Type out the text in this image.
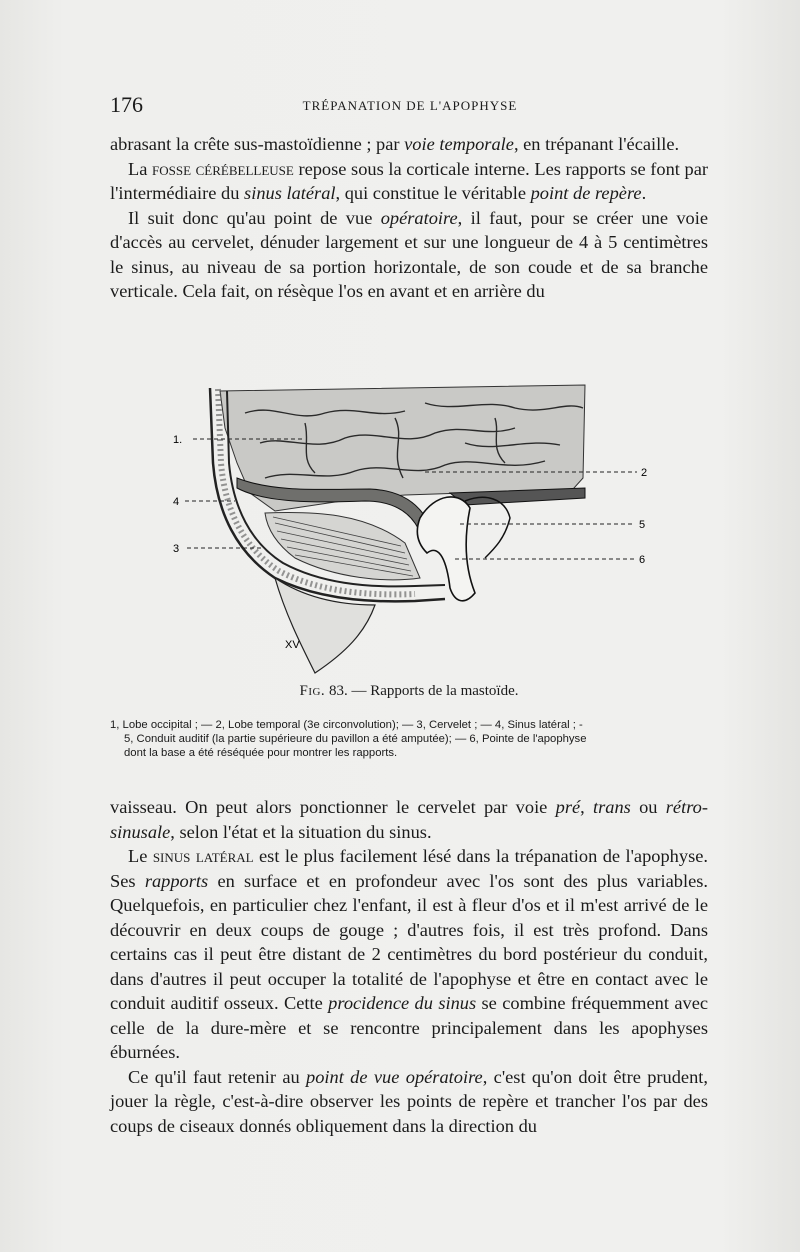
176	TRÉPANATION DE L'APOPHYSE

abrasant la crête sus-mastoïdienne ; par voie temporale, en trépanant l'écaille.

La fosse cérébelleuse repose sous la corticale interne. Les rapports se font par l'intermédiaire du sinus latéral, qui constitue le véritable point de repère.

Il suit donc qu'au point de vue opératoire, il faut, pour se créer une voie d'accès au cervelet, dénuder largement et sur une longueur de 4 à 5 centimètres le sinus, au niveau de sa portion horizontale, de son coude et de sa branche verticale. Cela fait, on résèque l'os en avant et en arrière du

XV
1.
2
4
5
3
6
Fig. 83. — Rapports de la mastoïde.
1, Lobe occipital ; — 2, Lobe temporal (3e circonvolution); — 3, Cervelet ; — 4, Sinus latéral ; -
5, Conduit auditif (la partie supérieure du pavillon a été amputée); — 6, Pointe de l'apophyse
dont la base a été réséquée pour montrer les rapports.

vaisseau. On peut alors ponctionner le cervelet par voie pré, trans ou rétro-sinusale, selon l'état et la situation du sinus.

Le sinus latéral est le plus facilement lésé dans la trépanation de l'apophyse. Ses rapports en surface et en profondeur avec l'os sont des plus variables. Quelquefois, en particulier chez l'enfant, il est à fleur d'os et il m'est arrivé de le découvrir en deux coups de gouge ; d'autres fois, il est très profond. Dans certains cas il peut être distant de 2 centimètres du bord postérieur du conduit, dans d'autres il peut occuper la totalité de l'apophyse et être en contact avec le conduit auditif osseux. Cette procidence du sinus se combine fréquemment avec celle de la dure-mère et se rencontre principalement dans les apophyses éburnées.

Ce qu'il faut retenir au point de vue opératoire, c'est qu'on doit être prudent, jouer la règle, c'est-à-dire observer les points de repère et trancher l'os par des coups de ciseaux donnés obliquement dans la direction du
